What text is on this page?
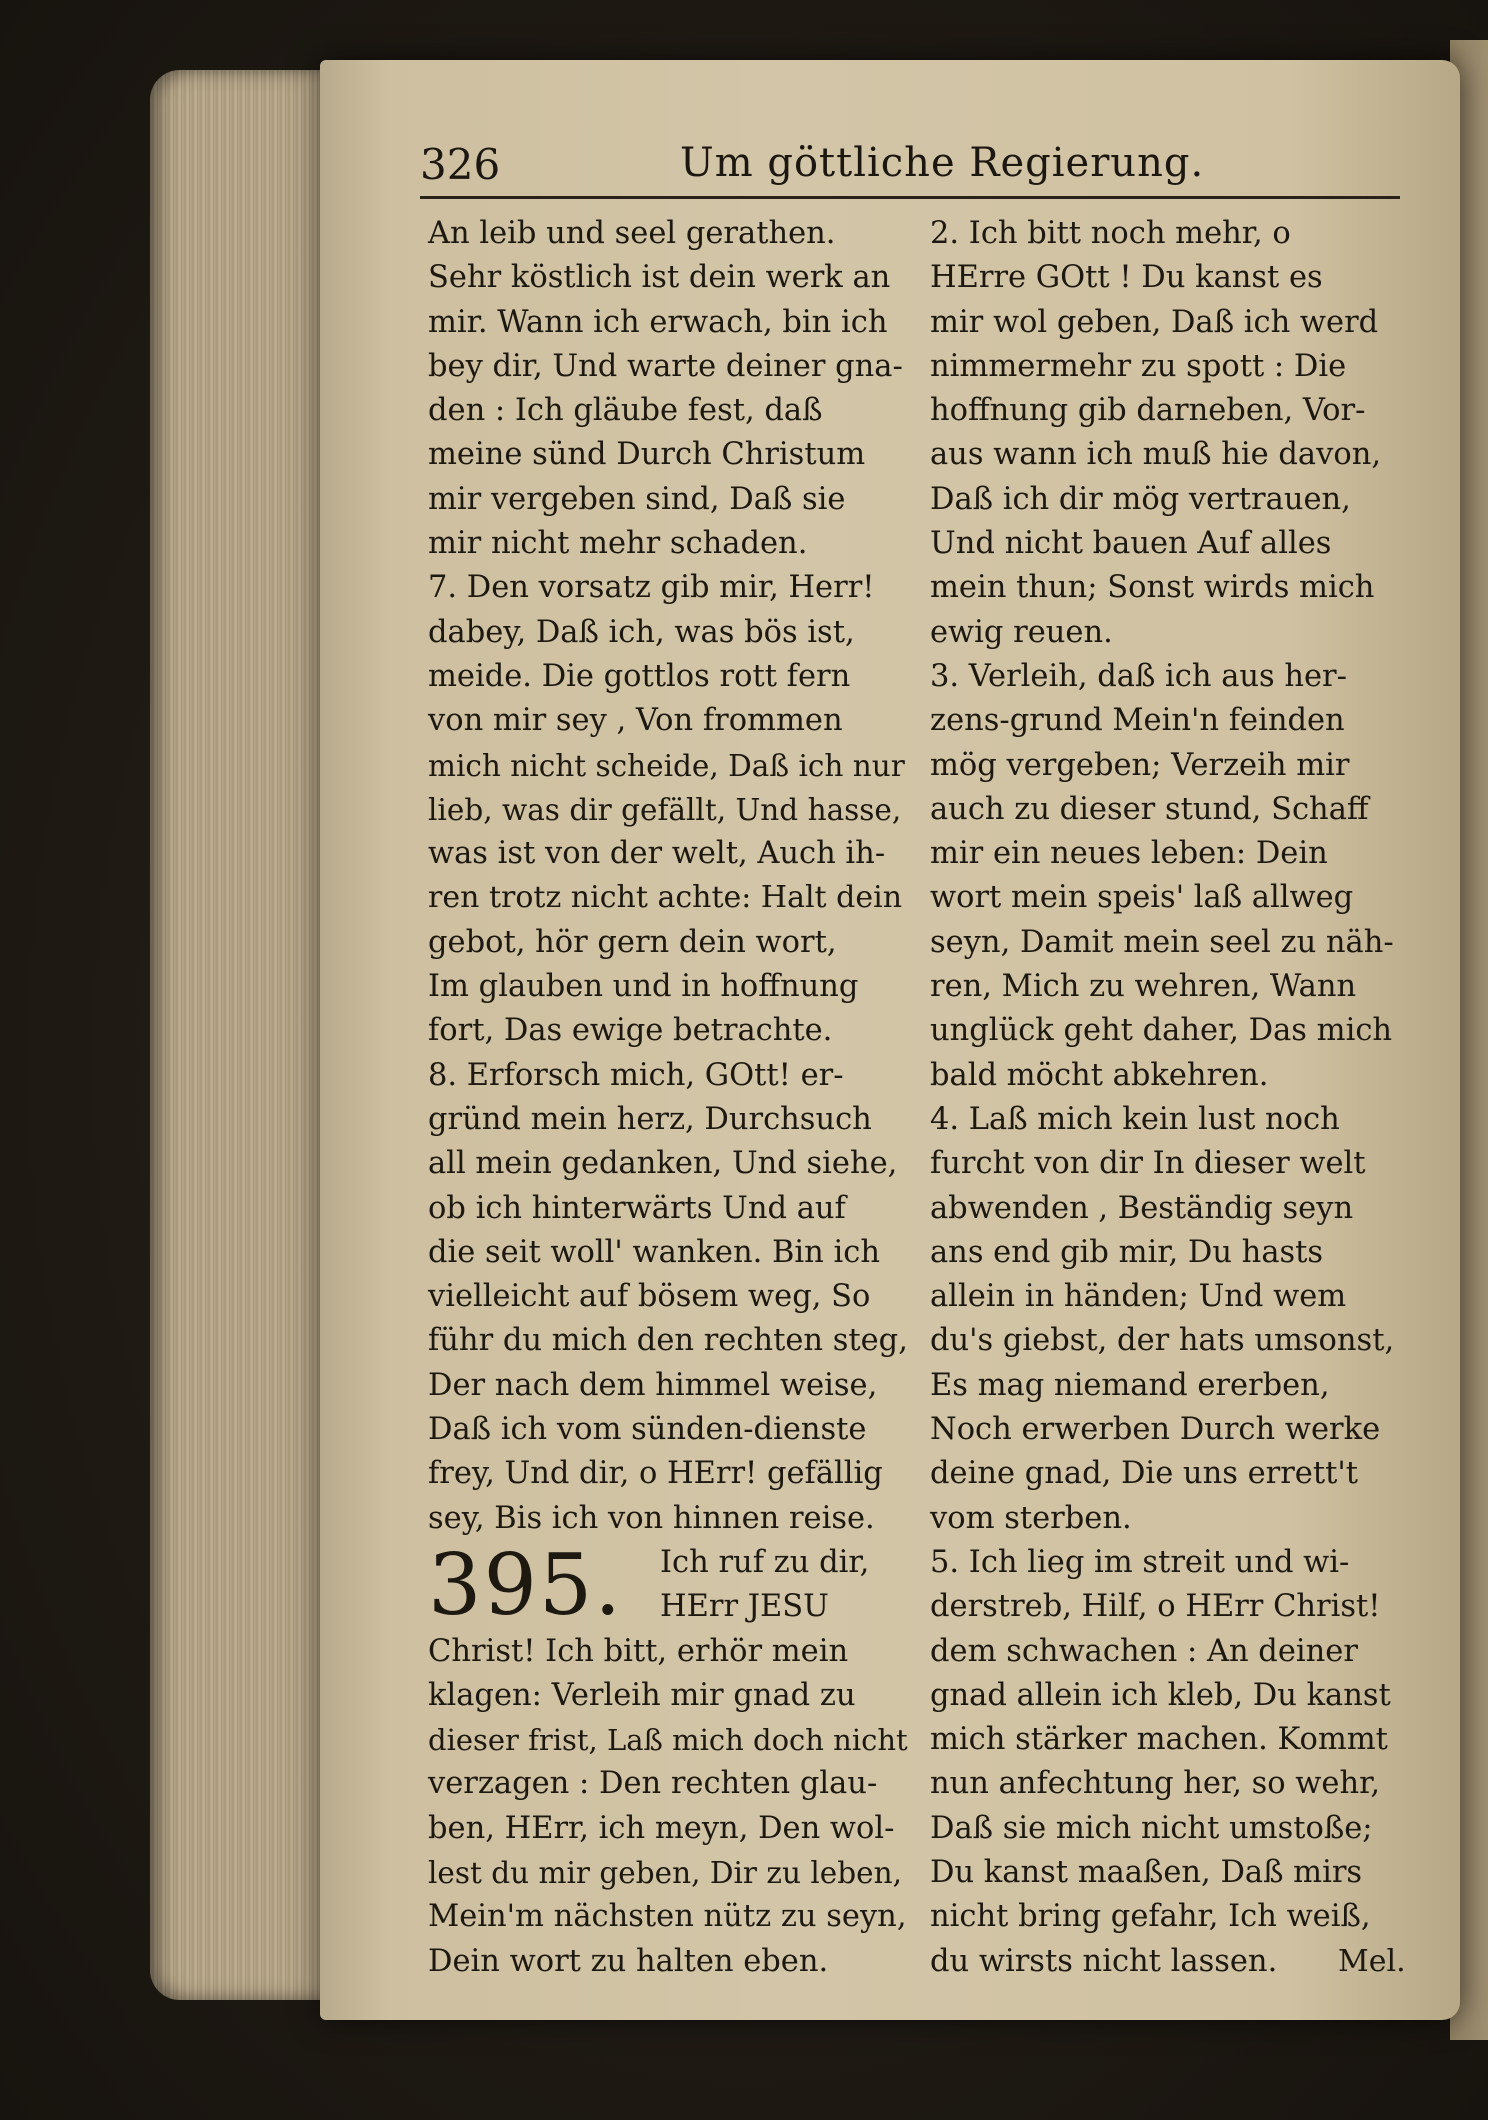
326	Um göttliche Regierung.
An leib und seel gerathen.
Sehr köstlich ist dein werk an
mir. Wann ich erwach, bin ich
bey dir, Und warte deiner gna-
den : Ich gläube fest, daß
meine sünd Durch Christum
mir vergeben sind, Daß sie
mir nicht mehr schaden.
7. Den vorsatz gib mir, Herr!
dabey, Daß ich, was bös ist,
meide. Die gottlos rott fern
von mir sey , Von frommen
mich nicht scheide, Daß ich nur
lieb, was dir gefällt, Und hasse,
was ist von der welt, Auch ih-
ren trotz nicht achte: Halt dein
gebot, hör gern dein wort,
Im glauben und in hoffnung
fort, Das ewige betrachte.
8. Erforsch mich, GOtt! er-
gründ mein herz, Durchsuch
all mein gedanken, Und siehe,
ob ich hinterwärts Und auf
die seit woll' wanken. Bin ich
vielleicht auf bösem weg, So
führ du mich den rechten steg,
Der nach dem himmel weise,
Daß ich vom sünden-dienste
frey, Und dir, o HErr! gefällig
sey, Bis ich von hinnen reise.
395. Ich ruf zu dir,
HErr JESU
Christ! Ich bitt, erhör mein
klagen: Verleih mir gnad zu
dieser frist, Laß mich doch nicht
verzagen : Den rechten glau-
ben, HErr, ich meyn, Den wol-
lest du mir geben, Dir zu leben,
Mein'm nächsten nütz zu seyn,
Dein wort zu halten eben.
2. Ich bitt noch mehr, o
HErre GOtt ! Du kanst es
mir wol geben, Daß ich werd
nimmermehr zu spott : Die
hoffnung gib darneben, Vor-
aus wann ich muß hie davon,
Daß ich dir mög vertrauen,
Und nicht bauen Auf alles
mein thun; Sonst wirds mich
ewig reuen.
3. Verleih, daß ich aus her-
zens-grund Mein'n feinden
mög vergeben; Verzeih mir
auch zu dieser stund, Schaff
mir ein neues leben: Dein
wort mein speis' laß allweg
seyn, Damit mein seel zu näh-
ren, Mich zu wehren, Wann
unglück geht daher, Das mich
bald möcht abkehren.
4. Laß mich kein lust noch
furcht von dir In dieser welt
abwenden , Beständig seyn
ans end gib mir, Du hasts
allein in händen; Und wem
du's giebst, der hats umsonst,
Es mag niemand ererben,
Noch erwerben Durch werke
deine gnad, Die uns errett't
vom sterben.
5. Ich lieg im streit und wi-
derstreb, Hilf, o HErr Christ!
dem schwachen : An deiner
gnad allein ich kleb, Du kanst
mich stärker machen. Kommt
nun anfechtung her, so wehr,
Daß sie mich nicht umstoße;
Du kanst maaßen, Daß mirs
nicht bring gefahr, Ich weiß,
du wirsts nicht lassen.	Mel.
